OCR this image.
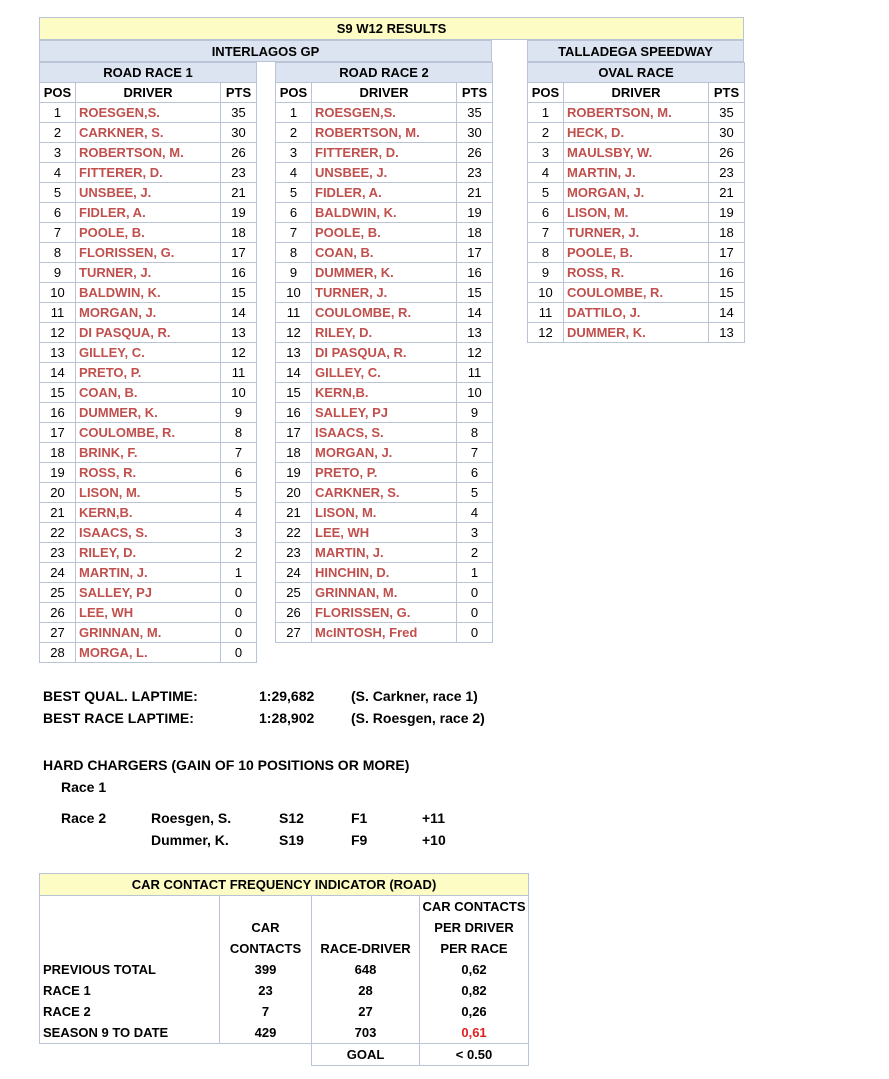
S9 W12 RESULTS
INTERLAGOS GP	TALLADEGA SPEEDWAY
ROAD RACE 1		
POS	DRIVER	PTS
1	ROESGEN,S.	35
2	CARKNER, S.	30
3	ROBERTSON, M.	26
4	FITTERER, D.	23
5	UNSBEE, J.	21
6	FIDLER, A.	19
7	POOLE, B.	18
8	FLORISSEN, G.	17
9	TURNER, J.	16
10	BALDWIN, K.	15
11	MORGAN, J.	14
12	DI PASQUA, R.	13
13	GILLEY, C.	12
14	PRETO, P.	11
15	COAN, B.	10
16	DUMMER, K.	9
17	COULOMBE, R.	8
18	BRINK, F.	7
19	ROSS, R.	6
20	LISON, M.	5
21	KERN,B.	4
22	ISAACS, S.	3
23	RILEY, D.	2
24	MARTIN, J.	1
25	SALLEY, PJ	0
26	LEE, WH	0
27	GRINNAN, M.	0
28	MORGA, L.	0
ROAD RACE 2		
POS	DRIVER	PTS
1	ROESGEN,S.	35
2	ROBERTSON, M.	30
3	FITTERER, D.	26
4	UNSBEE, J.	23
5	FIDLER, A.	21
6	BALDWIN, K.	19
7	POOLE, B.	18
8	COAN, B.	17
9	DUMMER, K.	16
10	TURNER, J.	15
11	COULOMBE, R.	14
12	RILEY, D.	13
13	DI PASQUA, R.	12
14	GILLEY, C.	11
15	KERN,B.	10
16	SALLEY, PJ	9
17	ISAACS, S.	8
18	MORGAN, J.	7
19	PRETO, P.	6
20	CARKNER, S.	5
21	LISON, M.	4
22	LEE, WH	3
23	MARTIN, J.	2
24	HINCHIN, D.	1
25	GRINNAN, M.	0
26	FLORISSEN, G.	0
27	McINTOSH, Fred	0
OVAL RACE		
POS	DRIVER	PTS
1	ROBERTSON, M.	35
2	HECK, D.	30
3	MAULSBY, W.	26
4	MARTIN, J.	23
5	MORGAN, J.	21
6	LISON, M.	19
7	TURNER, J.	18
8	POOLE, B.	17
9	ROSS, R.	16
10	COULOMBE, R.	15
11	DATTILO, J.	14
12	DUMMER, K.	13
BEST QUAL. LAPTIME:	1:29,682	(S. Carkner, race 1)
BEST RACE LAPTIME:	1:28,902	(S. Roesgen, race 2)
HARD CHARGERS (GAIN OF 10 POSITIONS OR MORE)
Race 1
Race 2	Roesgen, S.	S12	F1	+11
Dummer, K.	S19	F9	+10
CAR CONTACT FREQUENCY INDICATOR (ROAD)			
			CAR CONTACTS
	CAR		PER DRIVER
	CONTACTS	RACE-DRIVER	PER RACE
PREVIOUS TOTAL	399	648	0,62
RACE 1	23	28	0,82
RACE 2	7	27	0,26
SEASON 9 TO DATE	429	703	0,61
		GOAL	< 0.50
